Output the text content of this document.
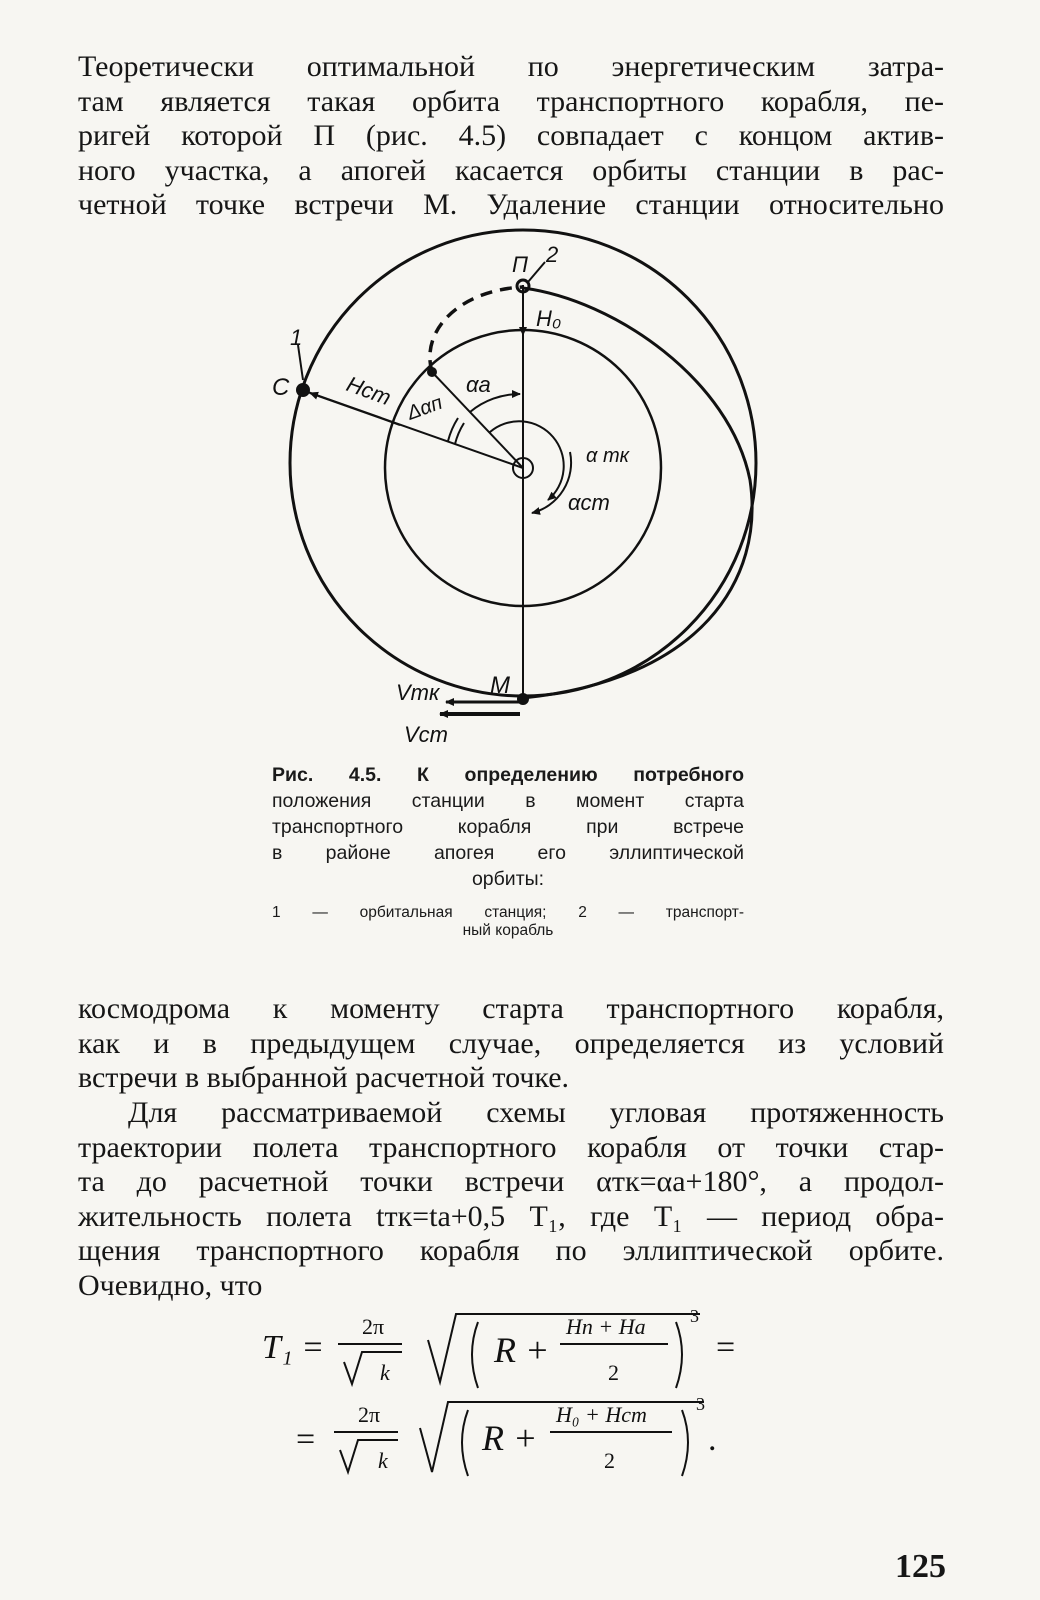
Теоретически оптимальной по энергетическим затра-
там является такая орбита транспортного корабля, пе-
ригей которой П (рис. 4.5) совпадает с концом актив-
ного участка, а апогей касается орбиты станции в рас-
четной точке встречи М. Удаление станции относительно
П 2
H₀
1
C Hст	αа
Δαп
α тк
αст
M
Vтк
Vст
Рис. 4.5. К определению потребного
положения станции в момент старта
транспортного корабля при встрече
в районе апогея его эллиптической
орбиты:
1 — орбитальная станция; 2 — транспорт-
ный корабль
космодрома к моменту старта транспортного корабля,
как и в предыдущем случае, определяется из условий
встречи в выбранной расчетной точке.
Для рассматриваемой схемы угловая протяженность
траектории полета транспортного корабля от точки стар-
та до расчетной точки встречи αтк=αа+180°, а продол-
жительность полета tтк=tа+0,5 T₁, где T₁ — период обра-
щения транспортного корабля по эллиптической орбите.
Очевидно, что
T₁ =
2π
k
R +
Hп + Hа
2
3
=
=
2π
k
R +
H₀ + Hст
2
3
.
125
